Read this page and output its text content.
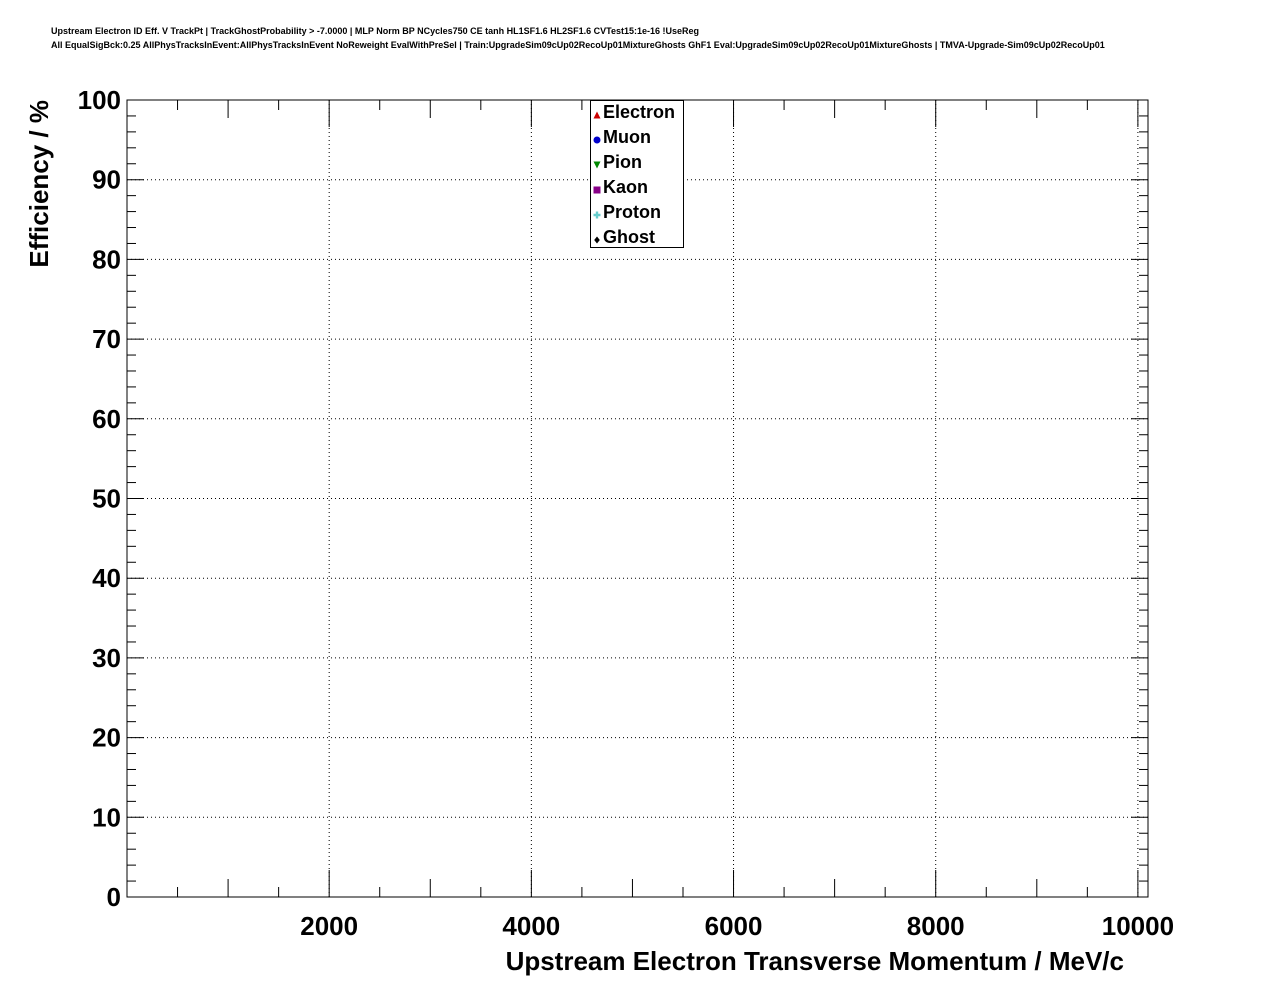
Upstream Electron ID Eff. V TrackPt | TrackGhostProbability > -7.0000 | MLP Norm BP NCycles750 CE tanh HL1SF1.6 HL2SF1.6 CVTest15:1e-16 !UseReg
All EqualSigBck:0.25 AllPhysTracksInEvent:AllPhysTracksInEvent NoReweight EvalWithPreSel | Train:UpgradeSim09cUp02RecoUp01MixtureGhosts GhF1 Eval:UpgradeSim09cUp02RecoUp01MixtureGhosts | TMVA-Upgrade-Sim09cUp02RecoUp01
0
10
20
30
40
50
60
70
80
90
100
2000	4000	6000	8000	10000
Upstream Electron Transverse Momentum / MeV/c
Efficiency / %	Electron
Muon
Pion
Kaon
Proton
Ghost
